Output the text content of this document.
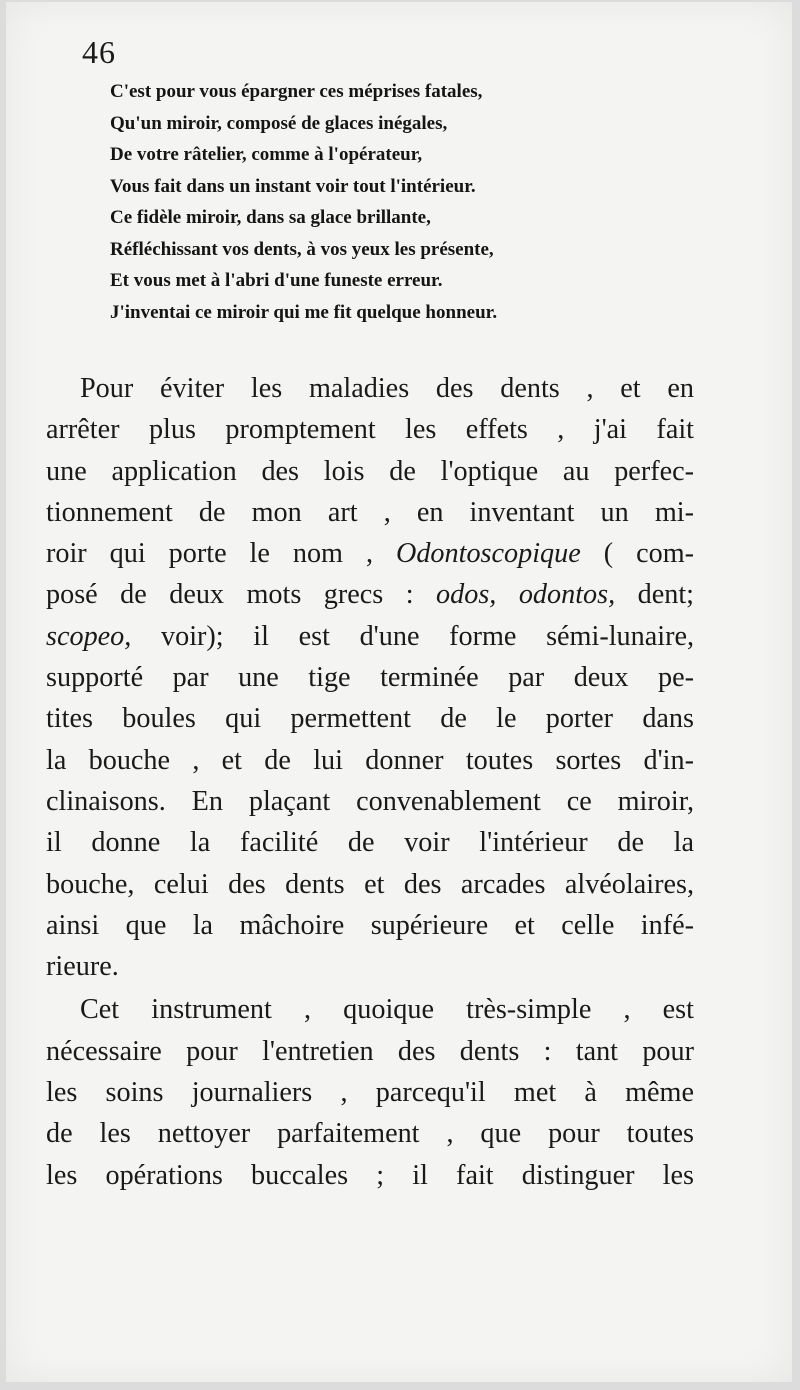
46
C'est pour vous épargner ces méprises fatales,
Qu'un miroir, composé de glaces inégales,
De votre râtelier, comme à l'opérateur,
Vous fait dans un instant voir tout l'intérieur.
Ce fidèle miroir, dans sa glace brillante,
Réfléchissant vos dents, à vos yeux les présente,
Et vous met à l'abri d'une funeste erreur.
J'inventai ce miroir qui me fit quelque honneur.
Pour éviter les maladies des dents , et en
arrêter plus promptement les effets , j'ai fait
une application des lois de l'optique au perfec-
tionnement de mon art , en inventant un mi-
roir qui porte le nom , Odontoscopique ( com-
posé de deux mots grecs : odos, odontos, dent;
scopeo, voir); il est d'une forme sémi-lunaire,
supporté par une tige terminée par deux pe-
tites boules qui permettent de le porter dans
la bouche , et de lui donner toutes sortes d'in-
clinaisons. En plaçant convenablement ce miroir,
il donne la facilité de voir l'intérieur de la
bouche, celui des dents et des arcades alvéolaires,
ainsi que la mâchoire supérieure et celle infé-
rieure.
Cet instrument , quoique très-simple , est
nécessaire pour l'entretien des dents : tant pour
les soins journaliers , parcequ'il met à même
de les nettoyer parfaitement , que pour toutes
les opérations buccales ; il fait distinguer les
